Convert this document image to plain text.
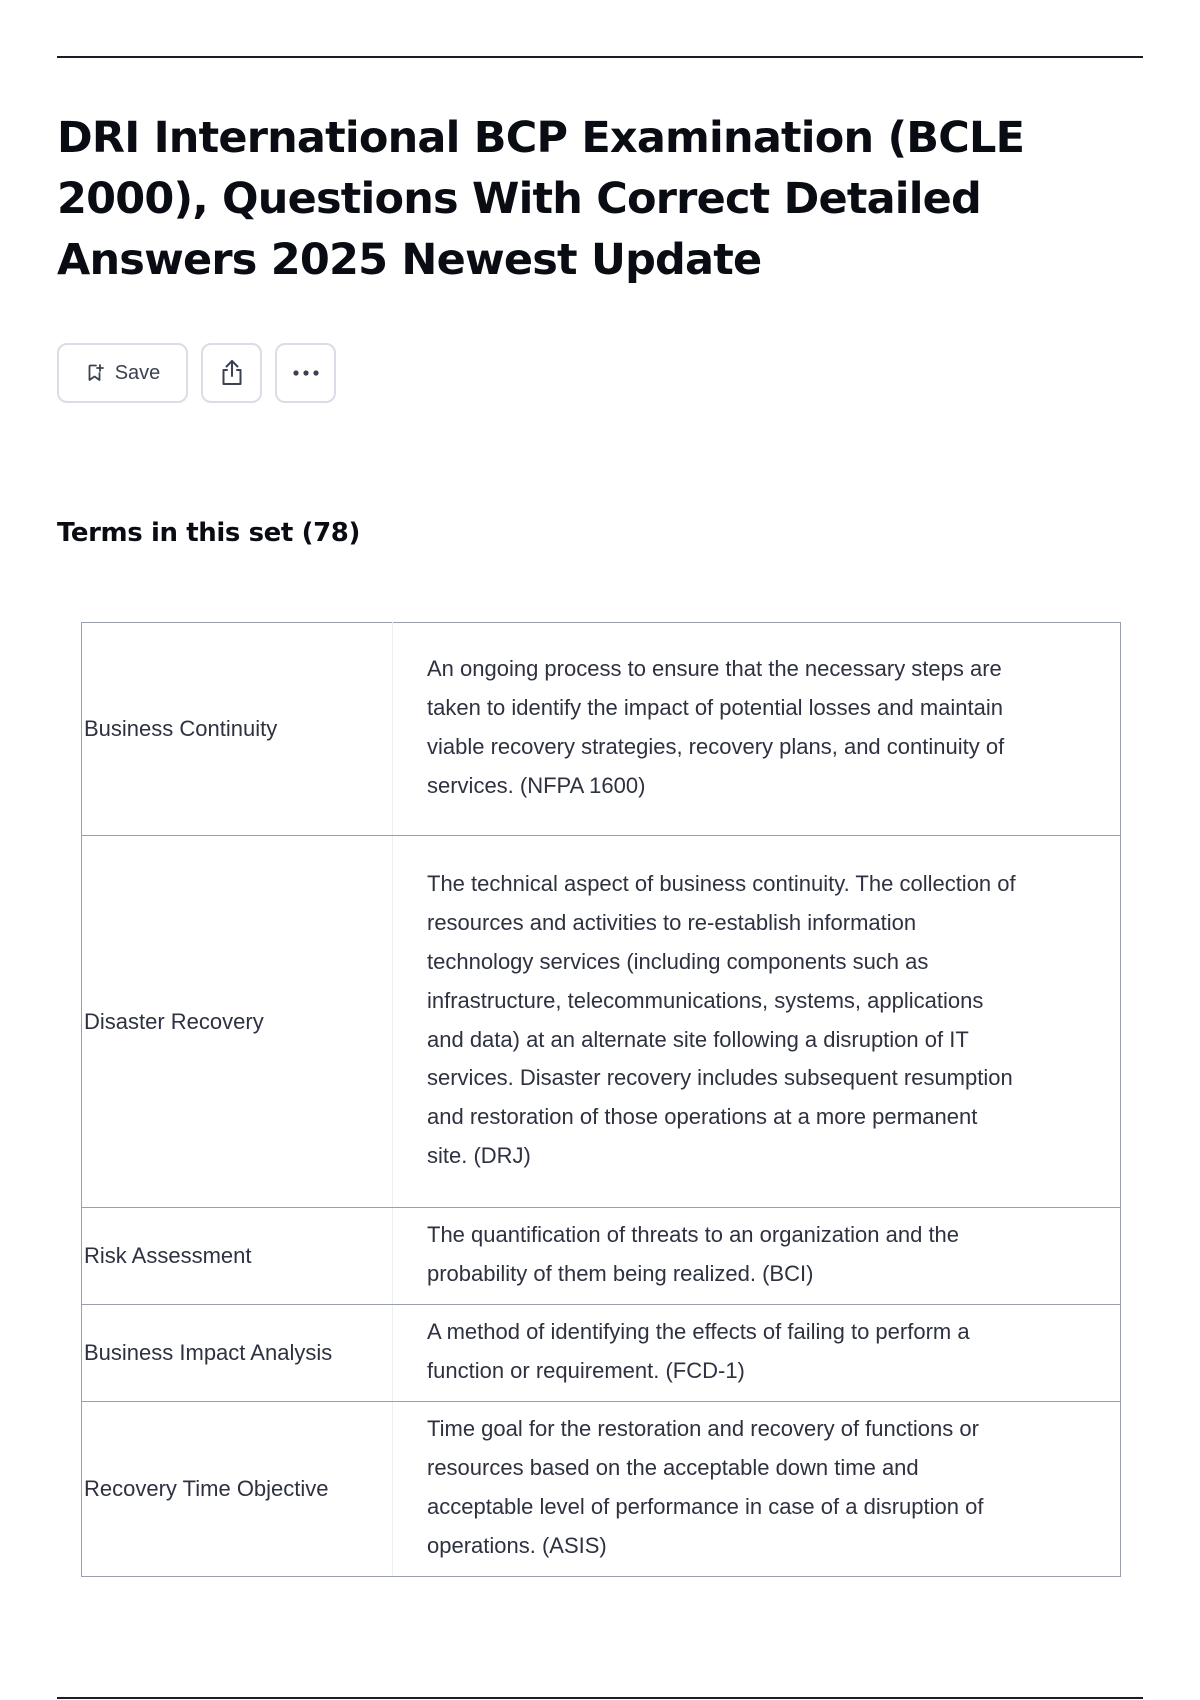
DRI International BCP Examination (BCLE 2000), Questions With Correct Detailed Answers 2025 Newest Update
Save
Terms in this set (78)
Business Continuity	An ongoing process to ensure that the necessary steps are taken to identify the impact of potential losses and maintain viable recovery strategies, recovery plans, and continuity of services. (NFPA 1600)
Disaster Recovery	The technical aspect of business continuity. The collection of resources and activities to re-establish information technology services (including components such as infrastructure, telecommunications, systems, applications and data) at an alternate site following a disruption of IT services. Disaster recovery includes subsequent resumption and restoration of those operations at a more permanent site. (DRJ)
Risk Assessment	The quantification of threats to an organization and the probability of them being realized. (BCI)
Business Impact Analysis	A method of identifying the effects of failing to perform a function or requirement. (FCD-1)
Recovery Time Objective	Time goal for the restoration and recovery of functions or resources based on the acceptable down time and acceptable level of performance in case of a disruption of operations. (ASIS)
